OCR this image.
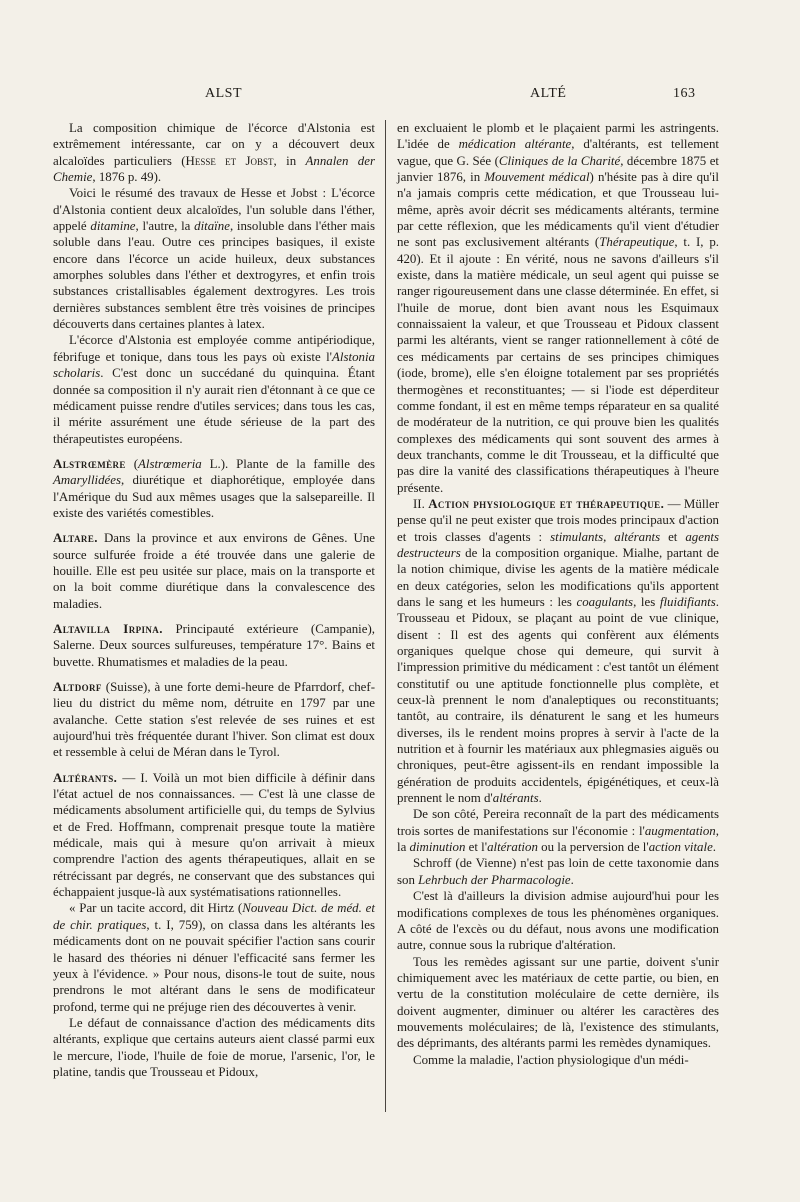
ALST	ALTÉ	163

La composition chimique de l'écorce d'Alstonia est extrêmement intéressante, car on y a découvert deux alcaloïdes particuliers (Hesse et Jobst, in Annalen der Chemie, 1876 p. 49).

Voici le résumé des travaux de Hesse et Jobst : L'écorce d'Alstonia contient deux alcaloïdes, l'un soluble dans l'éther, appelé ditamine, l'autre, la ditaïne, insoluble dans l'éther mais soluble dans l'eau. Outre ces principes basiques, il existe encore dans l'écorce un acide huileux, deux substances amorphes solubles dans l'éther et dextrogyres, et enfin trois substances cristallisables également dextrogyres. Les trois dernières substances semblent être très voisines de principes découverts dans certaines plantes à latex.

L'écorce d'Alstonia est employée comme antipériodique, fébrifuge et tonique, dans tous les pays où existe l'Alstonia scholaris. C'est donc un succédané du quinquina. Étant donnée sa composition il n'y aurait rien d'étonnant à ce que ce médicament puisse rendre d'utiles services; dans tous les cas, il mérite assurément une étude sérieuse de la part des thérapeutistes européens.

Alstrœmère (Alstrœmeria L.). Plante de la famille des Amaryllidées, diurétique et diaphorétique, employée dans l'Amérique du Sud aux mêmes usages que la salsepareille. Il existe des variétés comestibles.

Altare. Dans la province et aux environs de Gênes. Une source sulfurée froide a été trouvée dans une galerie de houille. Elle est peu usitée sur place, mais on la transporte et on la boit comme diurétique dans la convalescence des maladies.

Altavilla Irpina. Principauté extérieure (Campanie), Salerne. Deux sources sulfureuses, température 17°. Bains et buvette. Rhumatismes et maladies de la peau.

Altdorf (Suisse), à une forte demi-heure de Pfarrdorf, chef-lieu du district du même nom, détruite en 1797 par une avalanche. Cette station s'est relevée de ses ruines et est aujourd'hui très fréquentée durant l'hiver. Son climat est doux et ressemble à celui de Méran dans le Tyrol.

Altérants. — I. Voilà un mot bien difficile à définir dans l'état actuel de nos connaissances. — C'est là une classe de médicaments absolument artificielle qui, du temps de Sylvius et de Fred. Hoffmann, comprenait presque toute la matière médicale, mais qui à mesure qu'on arrivait à mieux comprendre l'action des agents thérapeutiques, allait en se rétrécissant par degrés, ne conservant que des substances qui échappaient jusque-là aux systématisations rationnelles.

« Par un tacite accord, dit Hirtz (Nouveau Dict. de méd. et de chir. pratiques, t. I, 759), on classa dans les altérants les médicaments dont on ne pouvait spécifier l'action sans courir le hasard des théories ni dénuer l'efficacité sans fermer les yeux à l'évidence. » Pour nous, disons-le tout de suite, nous prendrons le mot altérant dans le sens de modificateur profond, terme qui ne préjuge rien des découvertes à venir.

Le défaut de connaissance d'action des médicaments dits altérants, explique que certains auteurs aient classé parmi eux le mercure, l'iode, l'huile de foie de morue, l'arsenic, l'or, le platine, tandis que Trousseau et Pidoux,

en excluaient le plomb et le plaçaient parmi les astringents. L'idée de médication altérante, d'altérants, est tellement vague, que G. Sée (Cliniques de la Charité, décembre 1875 et janvier 1876, in Mouvement médical) n'hésite pas à dire qu'il n'a jamais compris cette médication, et que Trousseau lui-même, après avoir décrit ses médicaments altérants, termine par cette réflexion, que les médicaments qu'il vient d'étudier ne sont pas exclusivement altérants (Thérapeutique, t. I, p. 420). Et il ajoute : En vérité, nous ne savons d'ailleurs s'il existe, dans la matière médicale, un seul agent qui puisse se ranger rigoureusement dans une classe déterminée. En effet, si l'huile de morue, dont bien avant nous les Esquimaux connaissaient la valeur, et que Trousseau et Pidoux classent parmi les altérants, vient se ranger rationnellement à côté de ces médicaments par certains de ses principes chimiques (iode, brome), elle s'en éloigne totalement par ses propriétés thermogènes et reconstituantes; — si l'iode est déperditeur comme fondant, il est en même temps réparateur en sa qualité de modérateur de la nutrition, ce qui prouve bien les qualités complexes des médicaments qui sont souvent des armes à deux tranchants, comme le dit Trousseau, et la difficulté que pas dire la vanité des classifications thérapeutiques à l'heure présente.

II. Action physiologique et thérapeutique. — Müller pense qu'il ne peut exister que trois modes principaux d'action et trois classes d'agents : stimulants, altérants et agents destructeurs de la composition organique. Mialhe, partant de la notion chimique, divise les agents de la matière médicale en deux catégories, selon les modifications qu'ils apportent dans le sang et les humeurs : les coagulants, les fluidifiants. Trousseau et Pidoux, se plaçant au point de vue clinique, disent : Il est des agents qui confèrent aux éléments organiques quelque chose qui demeure, qui survit à l'impression primitive du médicament : c'est tantôt un élément constitutif ou une aptitude fonctionnelle plus complète, et ceux-là prennent le nom d'analeptiques ou reconstituants; tantôt, au contraire, ils dénaturent le sang et les humeurs diverses, ils le rendent moins propres à servir à l'acte de la nutrition et à fournir les matériaux aux phlegmasies aiguës ou chroniques, peut-être agissent-ils en rendant impossible la génération de produits accidentels, épigénétiques, et ceux-là prennent le nom d'altérants.

De son côté, Pereira reconnaît de la part des médicaments trois sortes de manifestations sur l'économie : l'augmentation, la diminution et l'altération ou la perversion de l'action vitale.

Schroff (de Vienne) n'est pas loin de cette taxonomie dans son Lehrbuch der Pharmacologie.

C'est là d'ailleurs la division admise aujourd'hui pour les modifications complexes de tous les phénomènes organiques. A côté de l'excès ou du défaut, nous avons une modification autre, connue sous la rubrique d'altération.

Tous les remèdes agissant sur une partie, doivent s'unir chimiquement avec les matériaux de cette partie, ou bien, en vertu de la constitution moléculaire de cette dernière, ils doivent augmenter, diminuer ou altérer les caractères des mouvements moléculaires; de là, l'existence des stimulants, des déprimants, des altérants parmi les remèdes dynamiques.

Comme la maladie, l'action physiologique d'un médi-
